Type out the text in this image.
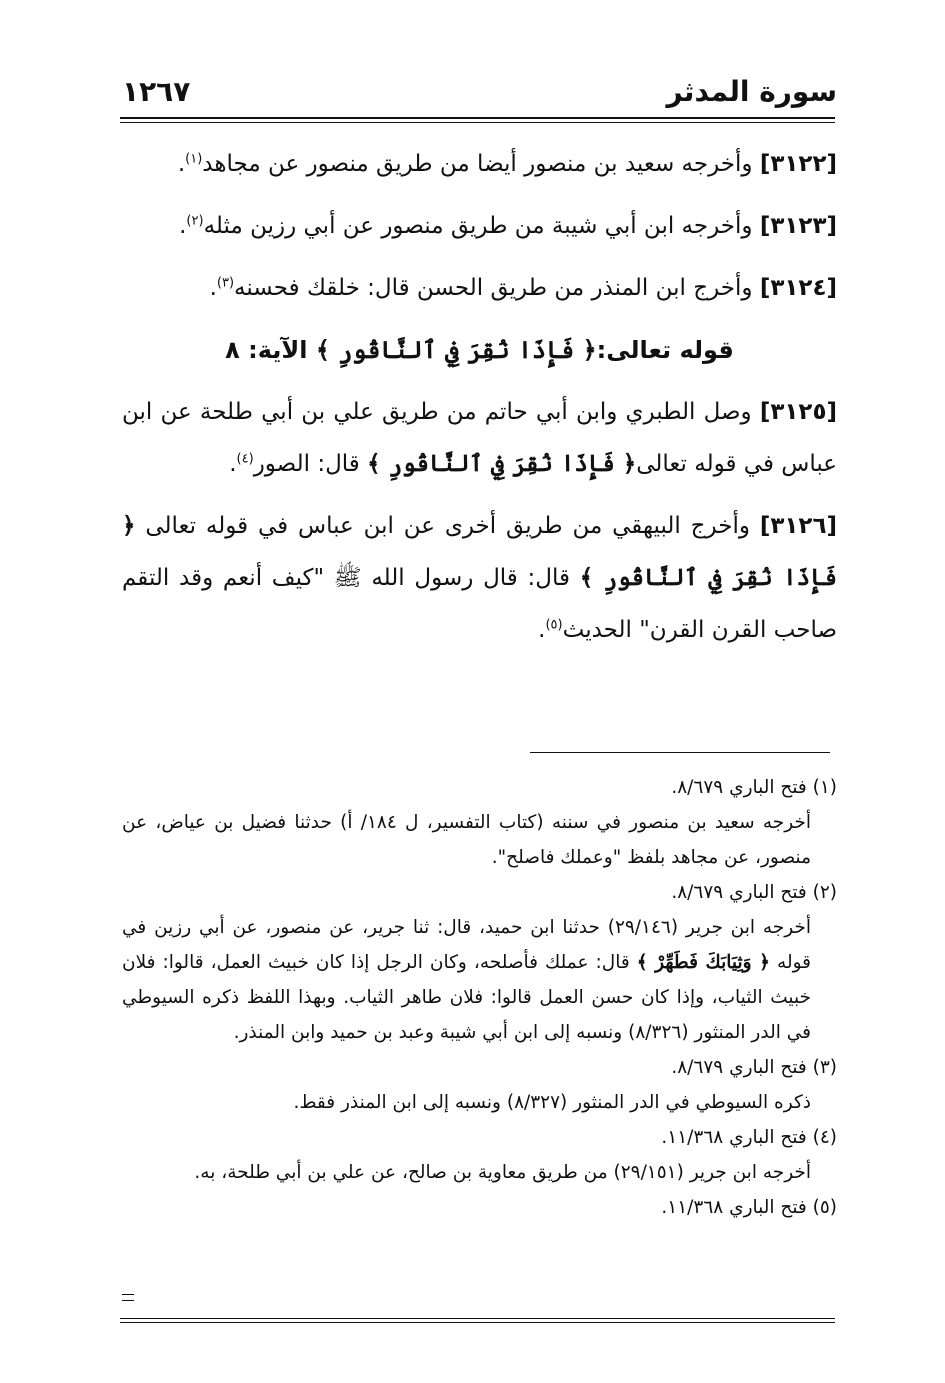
سورة المدثر
١٢٦٧

[٣١٢٢] وأخرجه سعيد بن منصور أيضا من طريق منصور عن مجاهد$^{(١)}$.

[٣١٢٣] وأخرجه ابن أبي شيبة من طريق منصور عن أبي رزين مثله$^{(٢)}$.

[٣١٢٤] وأخرج ابن المنذر من طريق الحسن قال: خلقك فحسنه$^{(٣)}$.

قوله تعالى:﴿ فَإِذَا نُقِرَ فِي ٱلنَّاقُورِ ﴾ الآية: ٨

[٣١٢٥] وصل الطبري وابن أبي حاتم من طريق علي بن أبي طلحة عن ابن عباس في قوله تعالى﴿ فَإِذَا نُقِرَ فِي ٱلنَّاقُورِ ﴾ قال: الصور$^{(٤)}$.

[٣١٢٦] وأخرج البيهقي من طريق أخرى عن ابن عباس في قوله تعالى ﴿ فَإِذَا نُقِرَ فِي ٱلنَّاقُورِ ﴾ قال: قال رسول الله ﷺ "كيف أنعم وقد التقم صاحب القرن القرن" الحديث$^{(٥)}$.

(١) فتح الباري ٨/٦٧٩.
أخرجه سعيد بن منصور في سننه (كتاب التفسير، ل ١٨٤/ أ) حدثنا فضيل بن عياض، عن منصور، عن مجاهد بلفظ "وعملك فاصلح".
(٢) فتح الباري ٨/٦٧٩.
أخرجه ابن جرير (٢٩/١٤٦) حدثنا ابن حميد، قال: ثنا جرير، عن منصور، عن أبي رزين في قوله ﴿ وَثِيَابَكَ فَطَهِّرْ ﴾ قال: عملك فأصلحه، وكان الرجل إذا كان خبيث العمل، قالوا: فلان خبيث الثياب، وإذا كان حسن العمل قالوا: فلان طاهر الثياب. وبهذا اللفظ ذكره السيوطي في الدر المنثور (٨/٣٢٦) ونسبه إلى ابن أبي شيبة وعبد بن حميد وابن المنذر.
(٣) فتح الباري ٨/٦٧٩.
ذكره السيوطي في الدر المنثور (٨/٣٢٧) ونسبه إلى ابن المنذر فقط.
(٤) فتح الباري ١١/٣٦٨.
أخرجه ابن جرير (٢٩/١٥١) من طريق معاوية بن صالح، عن علي بن أبي طلحة، به.
(٥) فتح الباري ١١/٣٦٨.
